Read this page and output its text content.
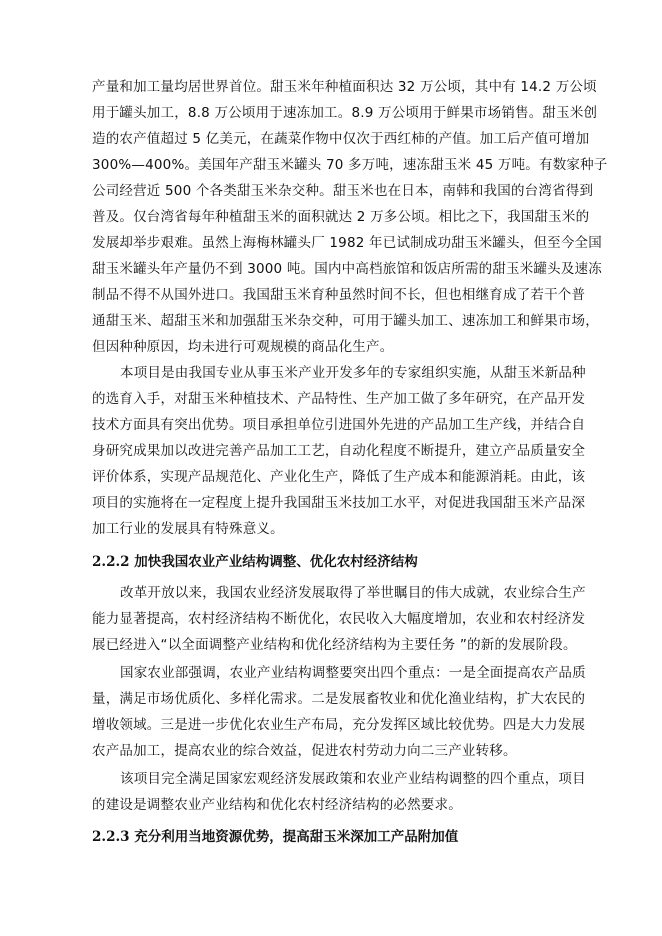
产量和加工量均居世界首位。甜玉米年种植面积达 32 万公顷，其中有 14.2 万公顷
用于罐头加工，8.8 万公顷用于速冻加工。8.9 万公顷用于鲜果市场销售。甜玉米创
造的农产值超过 5 亿美元，在蔬菜作物中仅次于西红柿的产值。加工后产值可增加
300%—400%。美国年产甜玉米罐头 70 多万吨，速冻甜玉米 45 万吨。有数家种子
公司经营近 500 个各类甜玉米杂交种。甜玉米也在日本，南韩和我国的台湾省得到
普及。仅台湾省每年种植甜玉米的面积就达 2 万多公顷。相比之下，我国甜玉米的
发展却举步艰难。虽然上海梅林罐头厂 1982 年已试制成功甜玉米罐头，但至今全国
甜玉米罐头年产量仍不到 3000 吨。国内中高档旅馆和饭店所需的甜玉米罐头及速冻
制品不得不从国外进口。我国甜玉米育种虽然时间不长，但也相继育成了若干个普
通甜玉米、超甜玉米和加强甜玉米杂交种，可用于罐头加工、速冻加工和鲜果市场，
但因种种原因，均未进行可观规模的商品化生产。
本项目是由我国专业从事玉米产业开发多年的专家组织实施，从甜玉米新品种
的选育入手，对甜玉米种植技术、产品特性、生产加工做了多年研究，在产品开发
技术方面具有突出优势。项目承担单位引进国外先进的产品加工生产线，并结合自
身研究成果加以改进完善产品加工工艺，自动化程度不断提升，建立产品质量安全
评价体系，实现产品规范化、产业化生产，降低了生产成本和能源消耗。由此，该
项目的实施将在一定程度上提升我国甜玉米技加工水平，对促进我国甜玉米产品深
加工行业的发展具有特殊意义。
2.2.2 加快我国农业产业结构调整、优化农村经济结构
改革开放以来，我国农业经济发展取得了举世瞩目的伟大成就，农业综合生产
能力显著提高，农村经济结构不断优化，农民收入大幅度增加，农业和农村经济发
展已经进入“以全面调整产业结构和优化经济结构为主要任务 ”的新的发展阶段。
国家农业部强调，农业产业结构调整要突出四个重点：一是全面提高农产品质
量，满足市场优质化、多样化需求。二是发展畜牧业和优化渔业结构，扩大农民的
增收领域。三是进一步优化农业生产布局，充分发挥区域比较优势。四是大力发展
农产品加工，提高农业的综合效益，促进农村劳动力向二三产业转移。
该项目完全满足国家宏观经济发展政策和农业产业结构调整的四个重点，项目
的建设是调整农业产业结构和优化农村经济结构的必然要求。
2.2.3 充分利用当地资源优势，提高甜玉米深加工产品附加值
